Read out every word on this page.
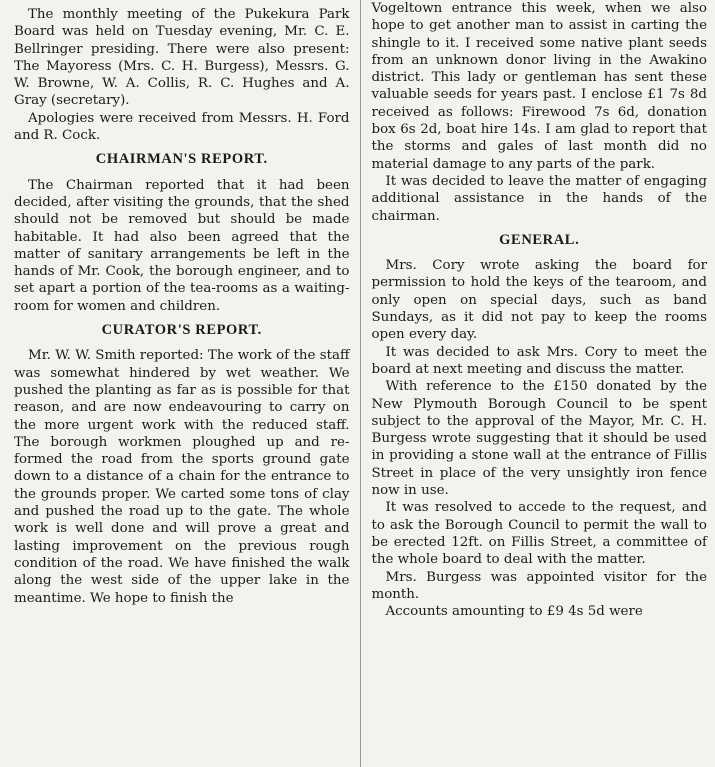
The monthly meeting of the Pukekura Park Board was held on Tuesday evening, Mr. C. E. Bellringer presiding. There were also present: The Mayoress (Mrs. C. H. Burgess), Messrs. G. W. Browne, W. A. Collis, R. C. Hughes and A. Gray (secretary).

Apologies were received from Messrs. H. Ford and R. Cock.

CHAIRMAN'S REPORT.

The Chairman reported that it had been decided, after visiting the grounds, that the shed should not be removed but should be made habitable. It had also been agreed that the matter of sanitary arrangements be left in the hands of Mr. Cook, the borough engineer, and to set apart a portion of the tea-rooms as a waiting-room for women and children.

CURATOR'S REPORT.

Mr. W. W. Smith reported: The work of the staff was somewhat hindered by wet weather. We pushed the planting as far as is possible for that reason, and are now endeavouring to carry on the more urgent work with the reduced staff. The borough workmen ploughed up and re-formed the road from the sports ground gate down to a distance of a chain for the entrance to the grounds proper. We carted some tons of clay and pushed the road up to the gate. The whole work is well done and will prove a great and lasting improvement on the previous rough condition of the road. We have finished the walk along the west side of the upper lake in the meantime. We hope to finish the

Vogeltown entrance this week, when we also hope to get another man to assist in carting the shingle to it. I received some native plant seeds from an unknown donor living in the Awakino district. This lady or gentleman has sent these valuable seeds for years past. I enclose £1 7s 8d received as follows: Firewood 7s 6d, donation box 6s 2d, boat hire 14s. I am glad to report that the storms and gales of last month did no material damage to any parts of the park.

It was decided to leave the matter of engaging additional assistance in the hands of the chairman.

GENERAL.

Mrs. Cory wrote asking the board for permission to hold the keys of the tearoom, and only open on special days, such as band Sundays, as it did not pay to keep the rooms open every day.

It was decided to ask Mrs. Cory to meet the board at next meeting and discuss the matter.

With reference to the £150 donated by the New Plymouth Borough Council to be spent subject to the approval of the Mayor, Mr. C. H. Burgess wrote suggesting that it should be used in providing a stone wall at the entrance of Fillis Street in place of the very unsightly iron fence now in use.

It was resolved to accede to the request, and to ask the Borough Council to permit the wall to be erected 12ft. on Fillis Street, a committee of the whole board to deal with the matter.

Mrs. Burgess was appointed visitor for the month.

Accounts amounting to £9 4s 5d were
